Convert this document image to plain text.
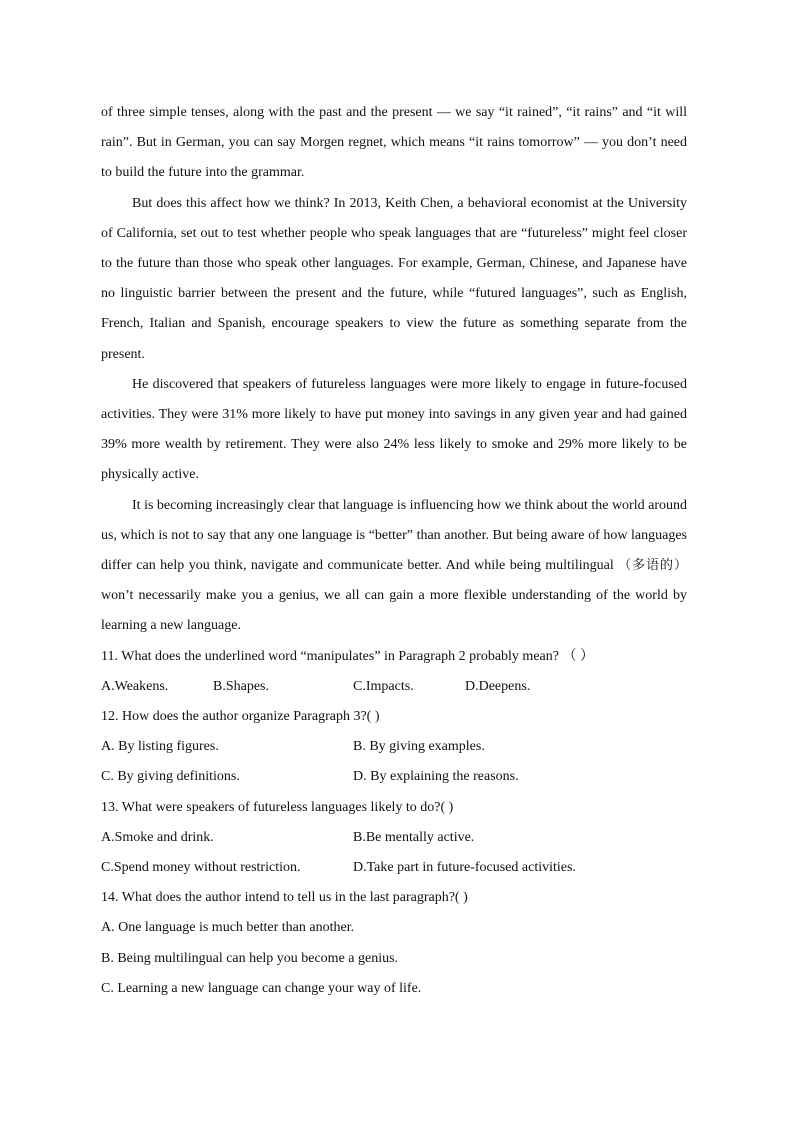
of three simple tenses, along with the past and the present — we say “it rained”, “it rains” and “it will rain”. But in German, you can say Morgen regnet, which means “it rains tomorrow” — you don’t need to build the future into the grammar.

But does this affect how we think? In 2013, Keith Chen, a behavioral economist at the University of California, set out to test whether people who speak languages that are “futureless” might feel closer to the future than those who speak other languages. For example, German, Chinese, and Japanese have no linguistic barrier between the present and the future, while “futured languages”, such as English, French, Italian and Spanish, encourage speakers to view the future as something separate from the present.

He discovered that speakers of futureless languages were more likely to engage in future-focused activities. They were 31% more likely to have put money into savings in any given year and had gained 39% more wealth by retirement. They were also 24% less likely to smoke and 29% more likely to be physically active.

It is becoming increasingly clear that language is influencing how we think about the world around us, which is not to say that any one language is “better” than another. But being aware of how languages differ can help you think, navigate and communicate better. And while being multilingual （多语的） won’t necessarily make you a genius, we all can gain a more flexible understanding of the world by learning a new language.

11. What does the underlined word “manipulates” in Paragraph 2 probably mean? （ ）

A.Weakens.	B.Shapes.	C.Impacts.	D.Deepens.

12. How does the author organize Paragraph 3?( )

A. By listing figures.	B. By giving examples.
C. By giving definitions.	D. By explaining the reasons.

13. What were speakers of futureless languages likely to do?( )

A.Smoke and drink.	B.Be mentally active.
C.Spend money without restriction.	D.Take part in future-focused activities.

14. What does the author intend to tell us in the last paragraph?( )

A. One language is much better than another.

B. Being multilingual can help you become a genius.

C. Learning a new language can change your way of life.
